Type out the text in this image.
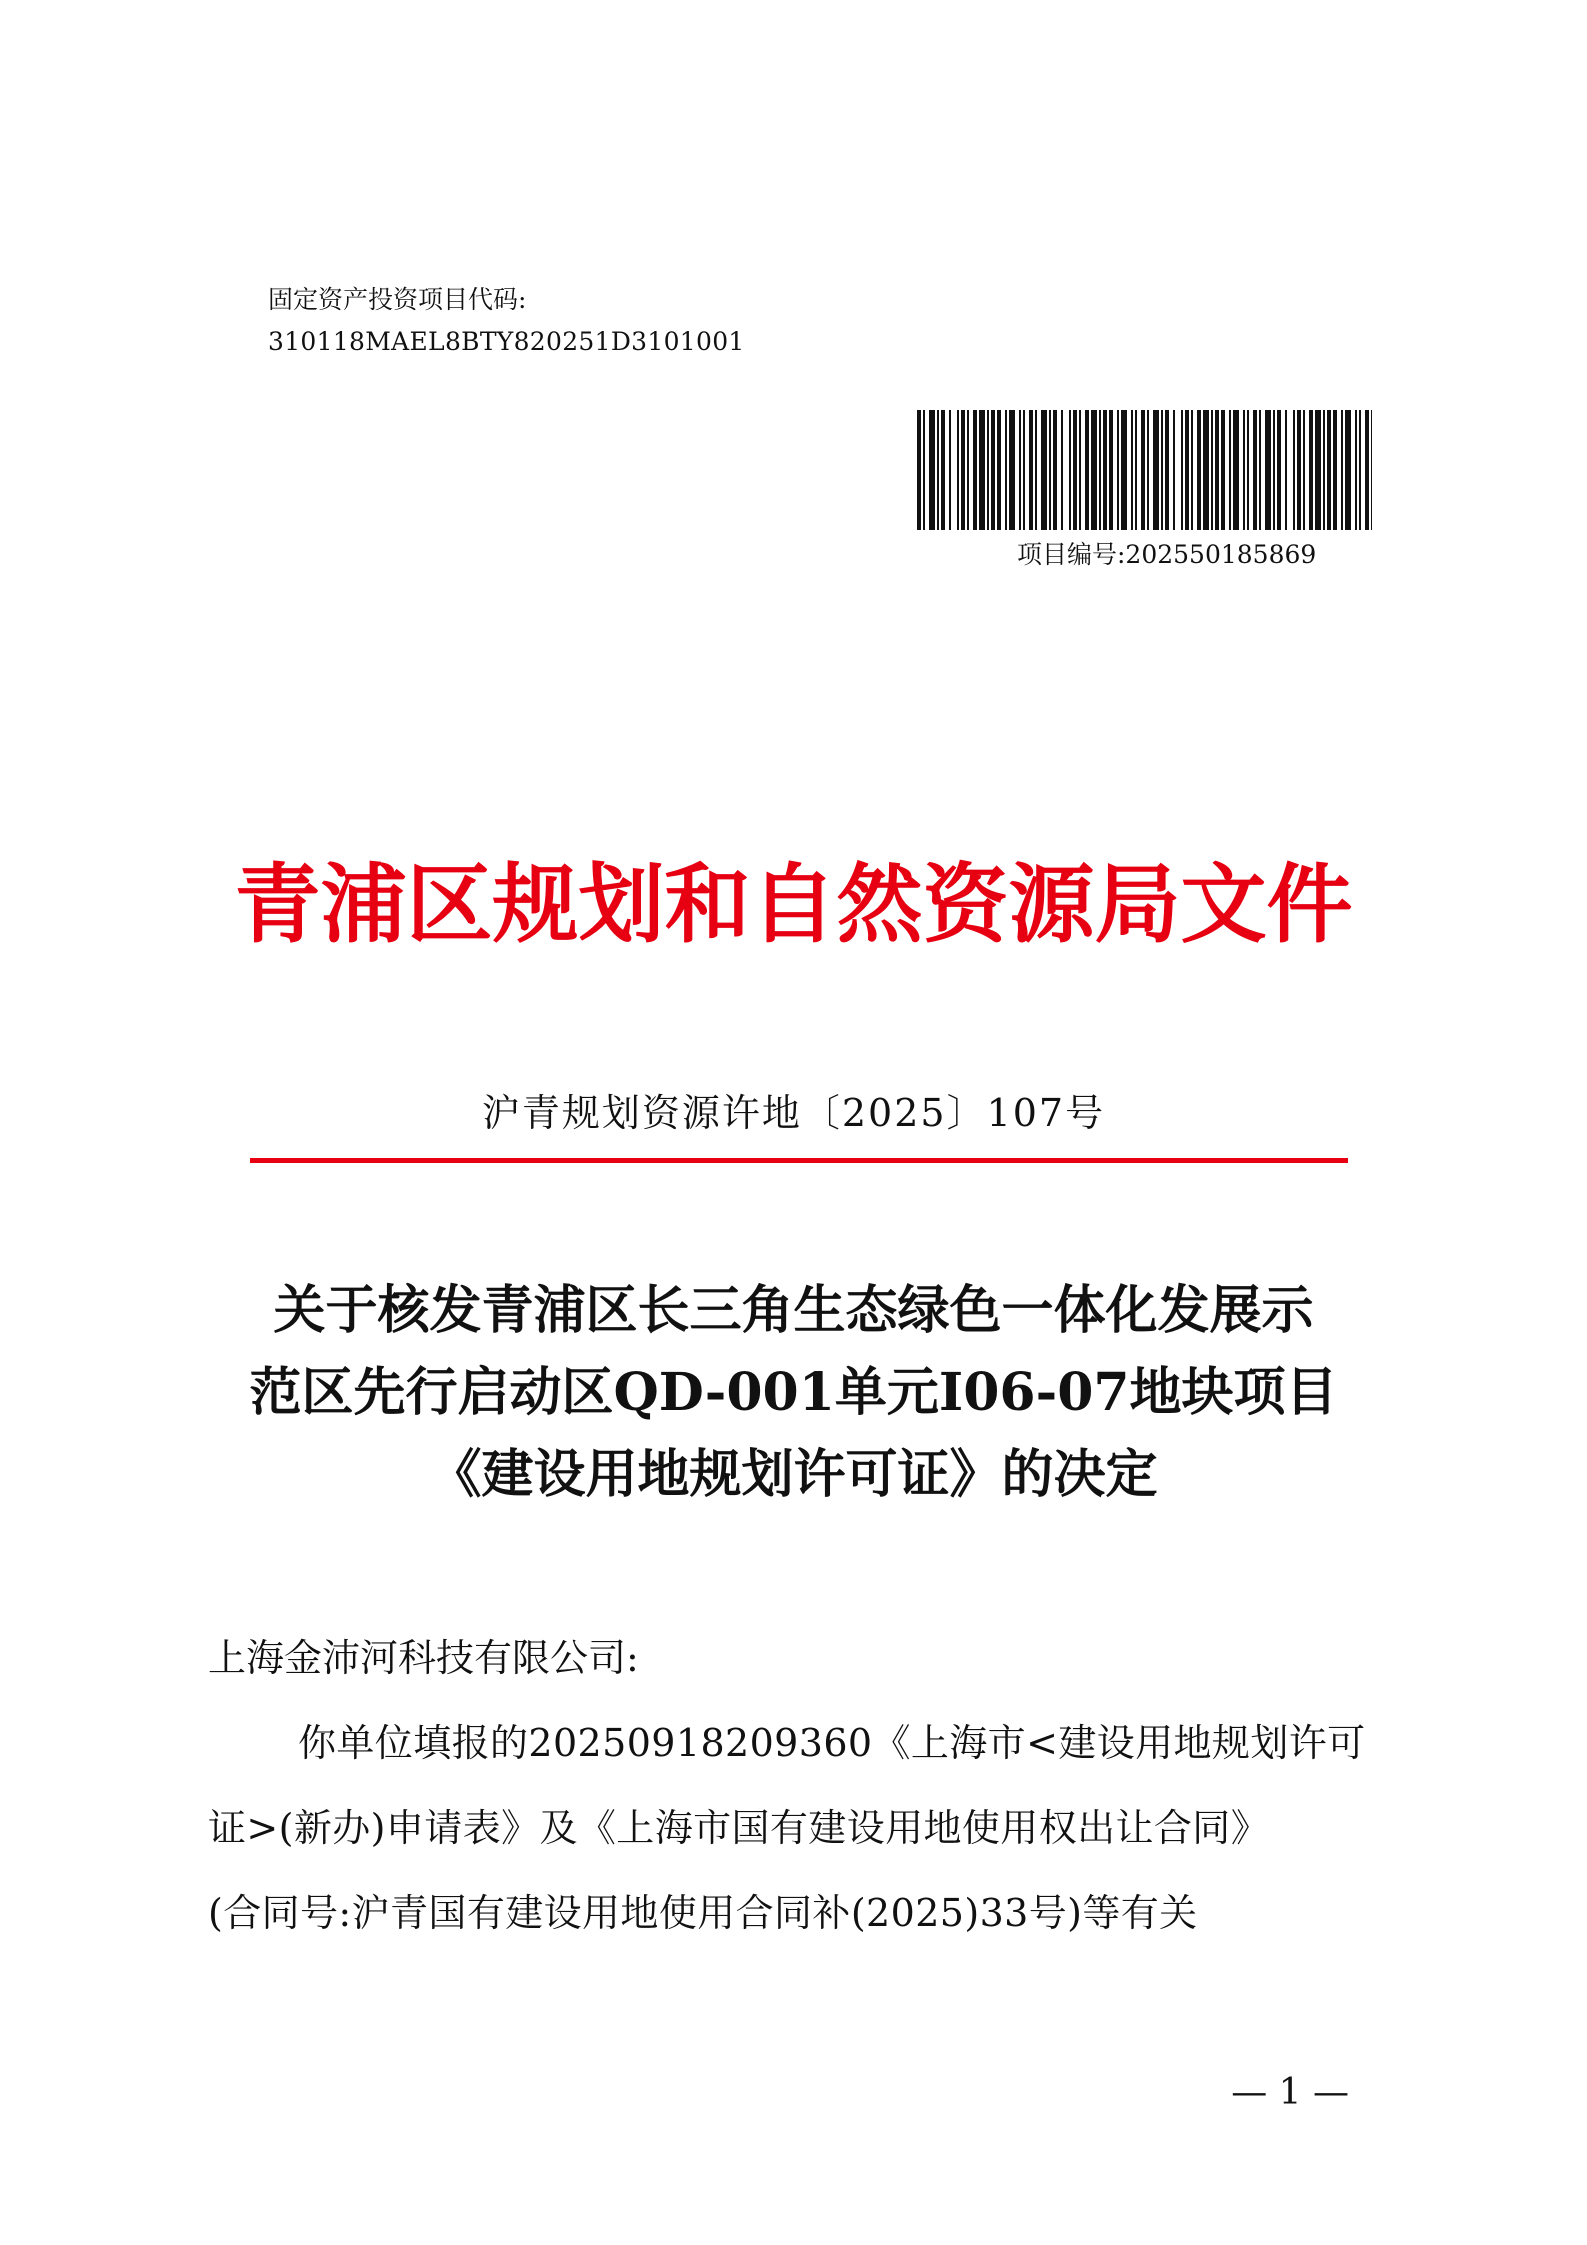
固定资产投资项目代码:
310118MAEL8BTY820251D3101001
项目编号:202550185869
青浦区规划和自然资源局文件
沪青规划资源许地〔2025〕107号
关于核发青浦区长三角生态绿色一体化发展示
范区先行启动区QD-001单元I06-07地块项目
《建设用地规划许可证》的决定
上海金沛河科技有限公司:
你单位填报的20250918209360《上海市<建设用地规划许可
证>(新办)申请表》及《上海市国有建设用地使用权出让合同》
(合同号:沪青国有建设用地使用合同补(2025)33号)等有关
— 1 —
